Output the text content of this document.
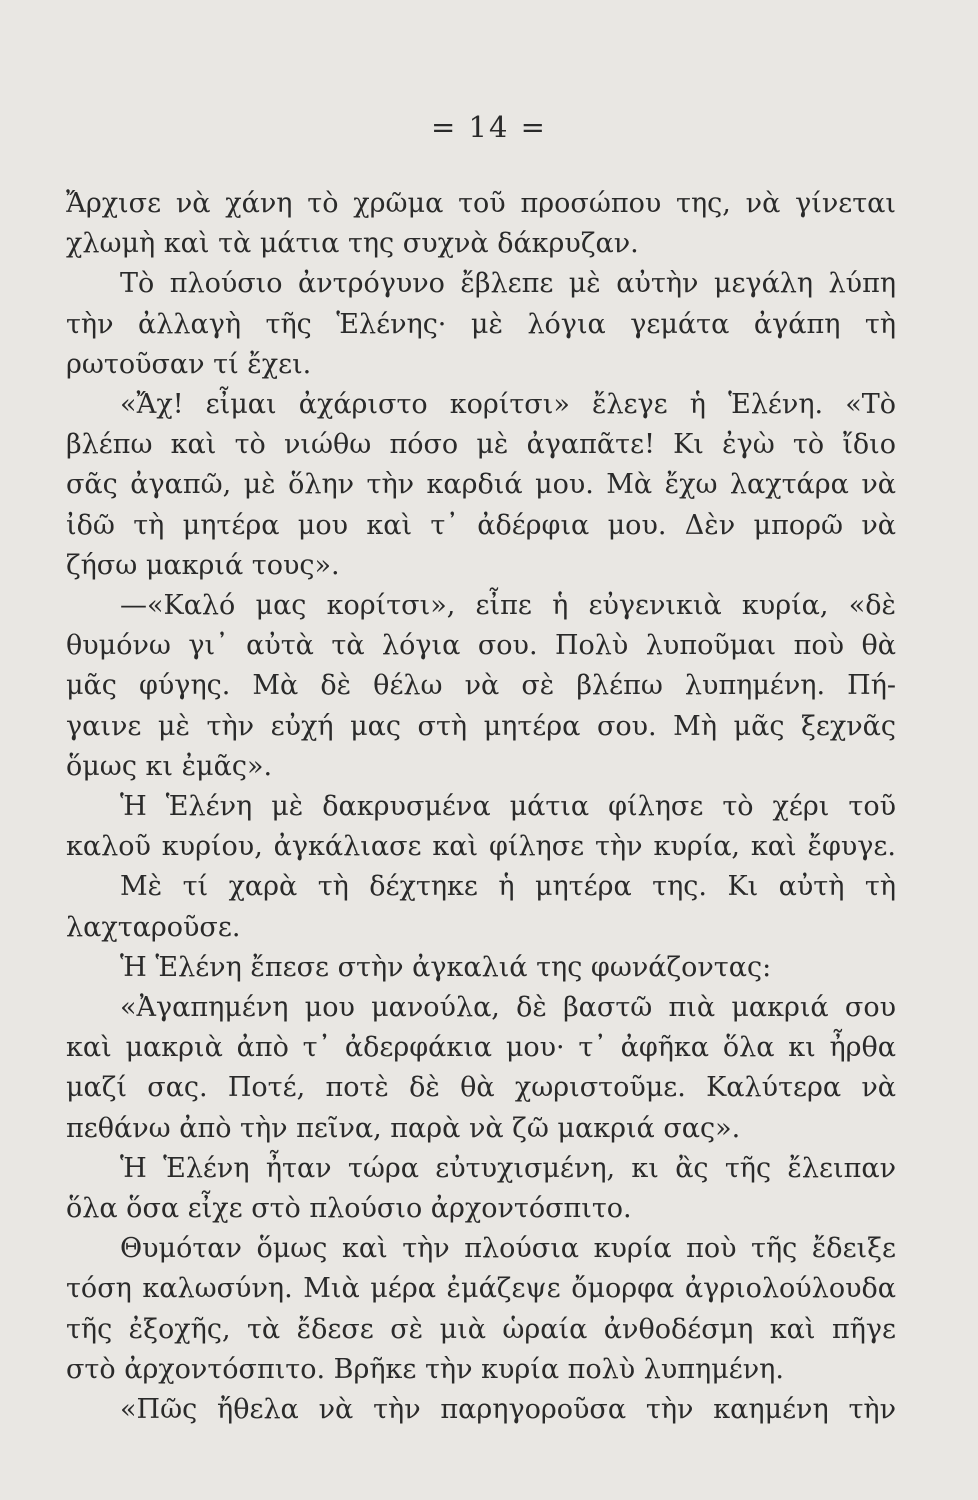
= 14 =
Ἄρχισε νὰ χάνη τὸ χρῶμα τοῦ προσώπου της, νὰ γίνεται
χλωμὴ καὶ τὰ μάτια της συχνὰ δάκρυζαν.
Τὸ πλούσιο ἀντρόγυνο ἔβλεπε μὲ αὐτὴν μεγάλη λύπη
τὴν ἀλλαγὴ τῆς Ἑλένης· μὲ λόγια γεμάτα ἀγάπη τὴ
ρωτοῦσαν τί ἔχει.
«Ἄχ! εἶμαι ἀχάριστο κορίτσι» ἔλεγε ἡ Ἑλένη. «Τὸ
βλέπω καὶ τὸ νιώθω πόσο μὲ ἀγαπᾶτε! Κι ἐγὼ τὸ ἴδιο
σᾶς ἀγαπῶ, μὲ ὅλην τὴν καρδιά μου. Μὰ ἔχω λαχτάρα νὰ
ἰδῶ τὴ μητέρα μου καὶ τ᾽ ἀδέρφια μου. Δὲν μπορῶ νὰ
ζήσω μακριά τους».
—«Καλό μας κορίτσι», εἶπε ἡ εὐγενικιὰ κυρία, «δὲ
θυμόνω γι᾽ αὐτὰ τὰ λόγια σου. Πολὺ λυποῦμαι ποὺ θὰ
μᾶς φύγης. Μὰ δὲ θέλω νὰ σὲ βλέπω λυπημένη. Πή-
γαινε μὲ τὴν εὐχή μας στὴ μητέρα σου. Μὴ μᾶς ξεχνᾶς
ὅμως κι ἐμᾶς».
Ἡ Ἑλένη μὲ δακρυσμένα μάτια φίλησε τὸ χέρι τοῦ
καλοῦ κυρίου, ἀγκάλιασε καὶ φίλησε τὴν κυρία, καὶ ἔφυγε.
Μὲ τί χαρὰ τὴ δέχτηκε ἡ μητέρα της. Κι αὐτὴ τὴ
λαχταροῦσε.
Ἡ Ἑλένη ἔπεσε στὴν ἀγκαλιά της φωνάζοντας:
«Ἀγαπημένη μου μανούλα, δὲ βαστῶ πιὰ μακριά σου
καὶ μακριὰ ἀπὸ τ᾽ ἀδερφάκια μου· τ᾽ ἀφῆκα ὅλα κι ἦρθα
μαζί σας. Ποτέ, ποτὲ δὲ θὰ χωριστοῦμε. Καλύτερα νὰ
πεθάνω ἀπὸ τὴν πεῖνα, παρὰ νὰ ζῶ μακριά σας».
Ἡ Ἑλένη ἦταν τώρα εὐτυχισμένη, κι ἂς τῆς ἔλειπαν
ὅλα ὅσα εἶχε στὸ πλούσιο ἀρχοντόσπιτο.
Θυμόταν ὅμως καὶ τὴν πλούσια κυρία ποὺ τῆς ἔδειξε
τόση καλωσύνη. Μιὰ μέρα ἐμάζεψε ὄμορφα ἀγριολούλουδα
τῆς ἐξοχῆς, τὰ ἔδεσε σὲ μιὰ ὡραία ἀνθοδέσμη καὶ πῆγε
στὸ ἀρχοντόσπιτο. Βρῆκε τὴν κυρία πολὺ λυπημένη.
«Πῶς ἤθελα νὰ τὴν παρηγοροῦσα τὴν καημένη τὴν
